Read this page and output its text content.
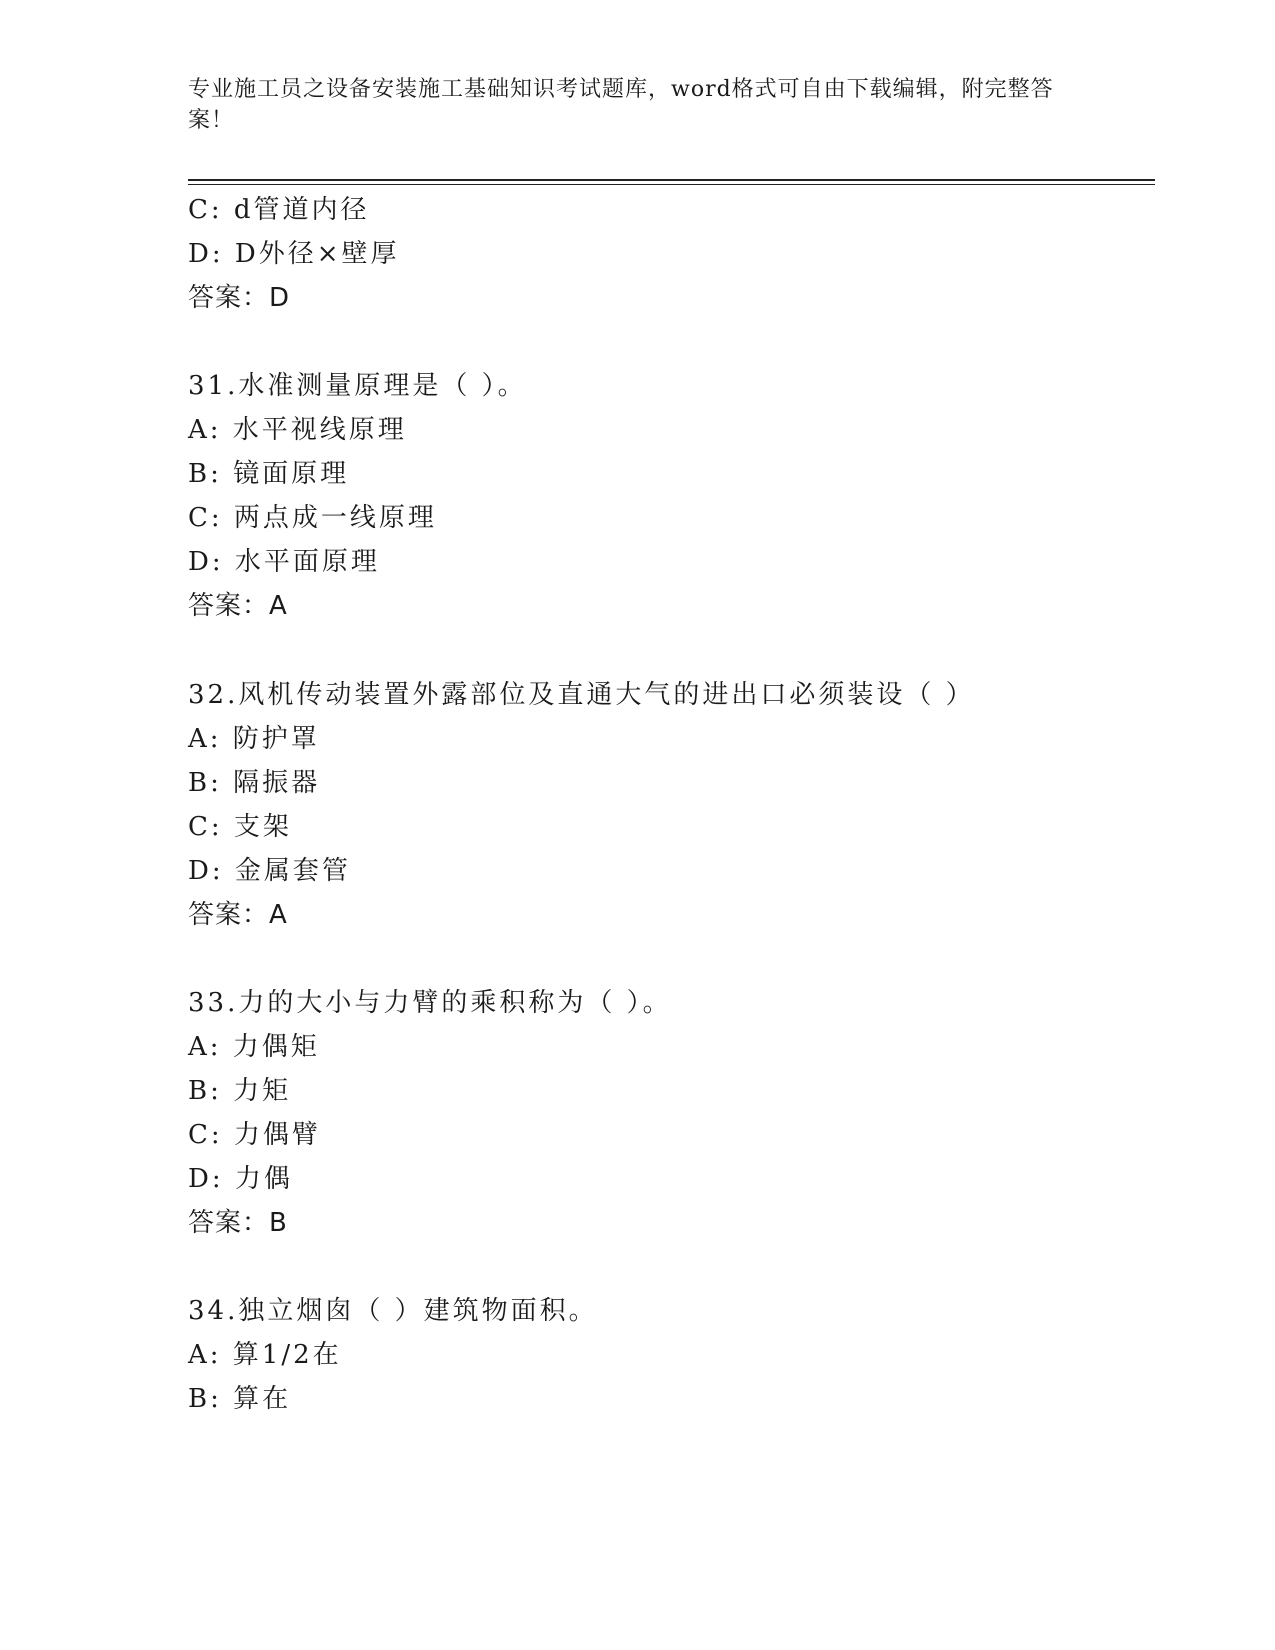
专业施工员之设备安装施工基础知识考试题库，word格式可自由下载编辑，附完整答案！
C: d管道内径
D: D外径×壁厚
答案：D
31.水准测量原理是（ ）。
A: 水平视线原理
B: 镜面原理
C: 两点成一线原理
D: 水平面原理
答案：A
32.风机传动装置外露部位及直通大气的进出口必须装设（ ）
A: 防护罩
B: 隔振器
C: 支架
D: 金属套管
答案：A
33.力的大小与力臂的乘积称为（ ）。
A: 力偶矩
B: 力矩
C: 力偶臂
D: 力偶
答案：B
34.独立烟囱（ ）建筑物面积。
A: 算1/2在
B: 算在
